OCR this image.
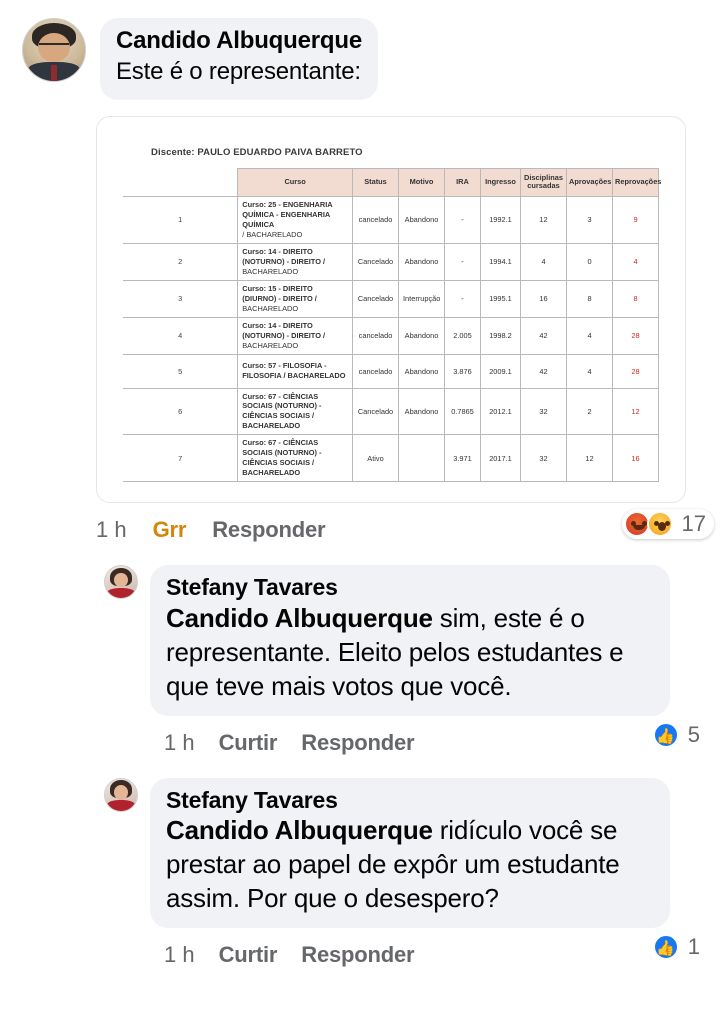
Candido Albuquerque
Este é o representante:
Discente: PAULO EDUARDO PAIVA BARRETO
	Curso	Status	Motivo	IRA	Ingresso	Disciplinas cursadas	Aprovações	Reprovações
1	Curso: 25 - ENGENHARIA QUÍMICA - ENGENHARIA QUÍMICA
/ BACHARELADO	cancelado	Abandono	-	1992.1	12	3	9
2	Curso: 14 - DIREITO (NOTURNO) - DIREITO /
BACHARELADO	Cancelado	Abandono	-	1994.1	4	0	4
3	Curso: 15 - DIREITO (DIURNO) - DIREITO /
BACHARELADO	Cancelado	Interrupção	-	1995.1	16	8	8
4	Curso: 14 - DIREITO (NOTURNO) - DIREITO /
BACHARELADO	cancelado	Abandono	2.005	1998.2	42	4	28
5	Curso: 57 - FILOSOFIA - FILOSOFIA / BACHARELADO	cancelado	Abandono	3.876	2009.1	42	4	28
6	Curso: 67 - CIÊNCIAS SOCIAIS (NOTURNO) -
CIÊNCIAS SOCIAIS / BACHARELADO	Cancelado	Abandono	0.7865	2012.1	32	2	12
7	Curso: 67 - CIÊNCIAS SOCIAIS (NOTURNO) -
CIÊNCIAS SOCIAIS / BACHARELADO	Ativo		3.971	2017.1	32	12	16
1 h Grr Responder	17
Stefany Tavares
Candido Albuquerque sim, este é o representante. Eleito pelos estudantes e que teve mais votos que você.
1 h Curtir Responder	👍 5
Stefany Tavares
Candido Albuquerque ridículo você se prestar ao papel de expôr um estudante assim. Por que o desespero?
1 h Curtir Responder	👍 1
